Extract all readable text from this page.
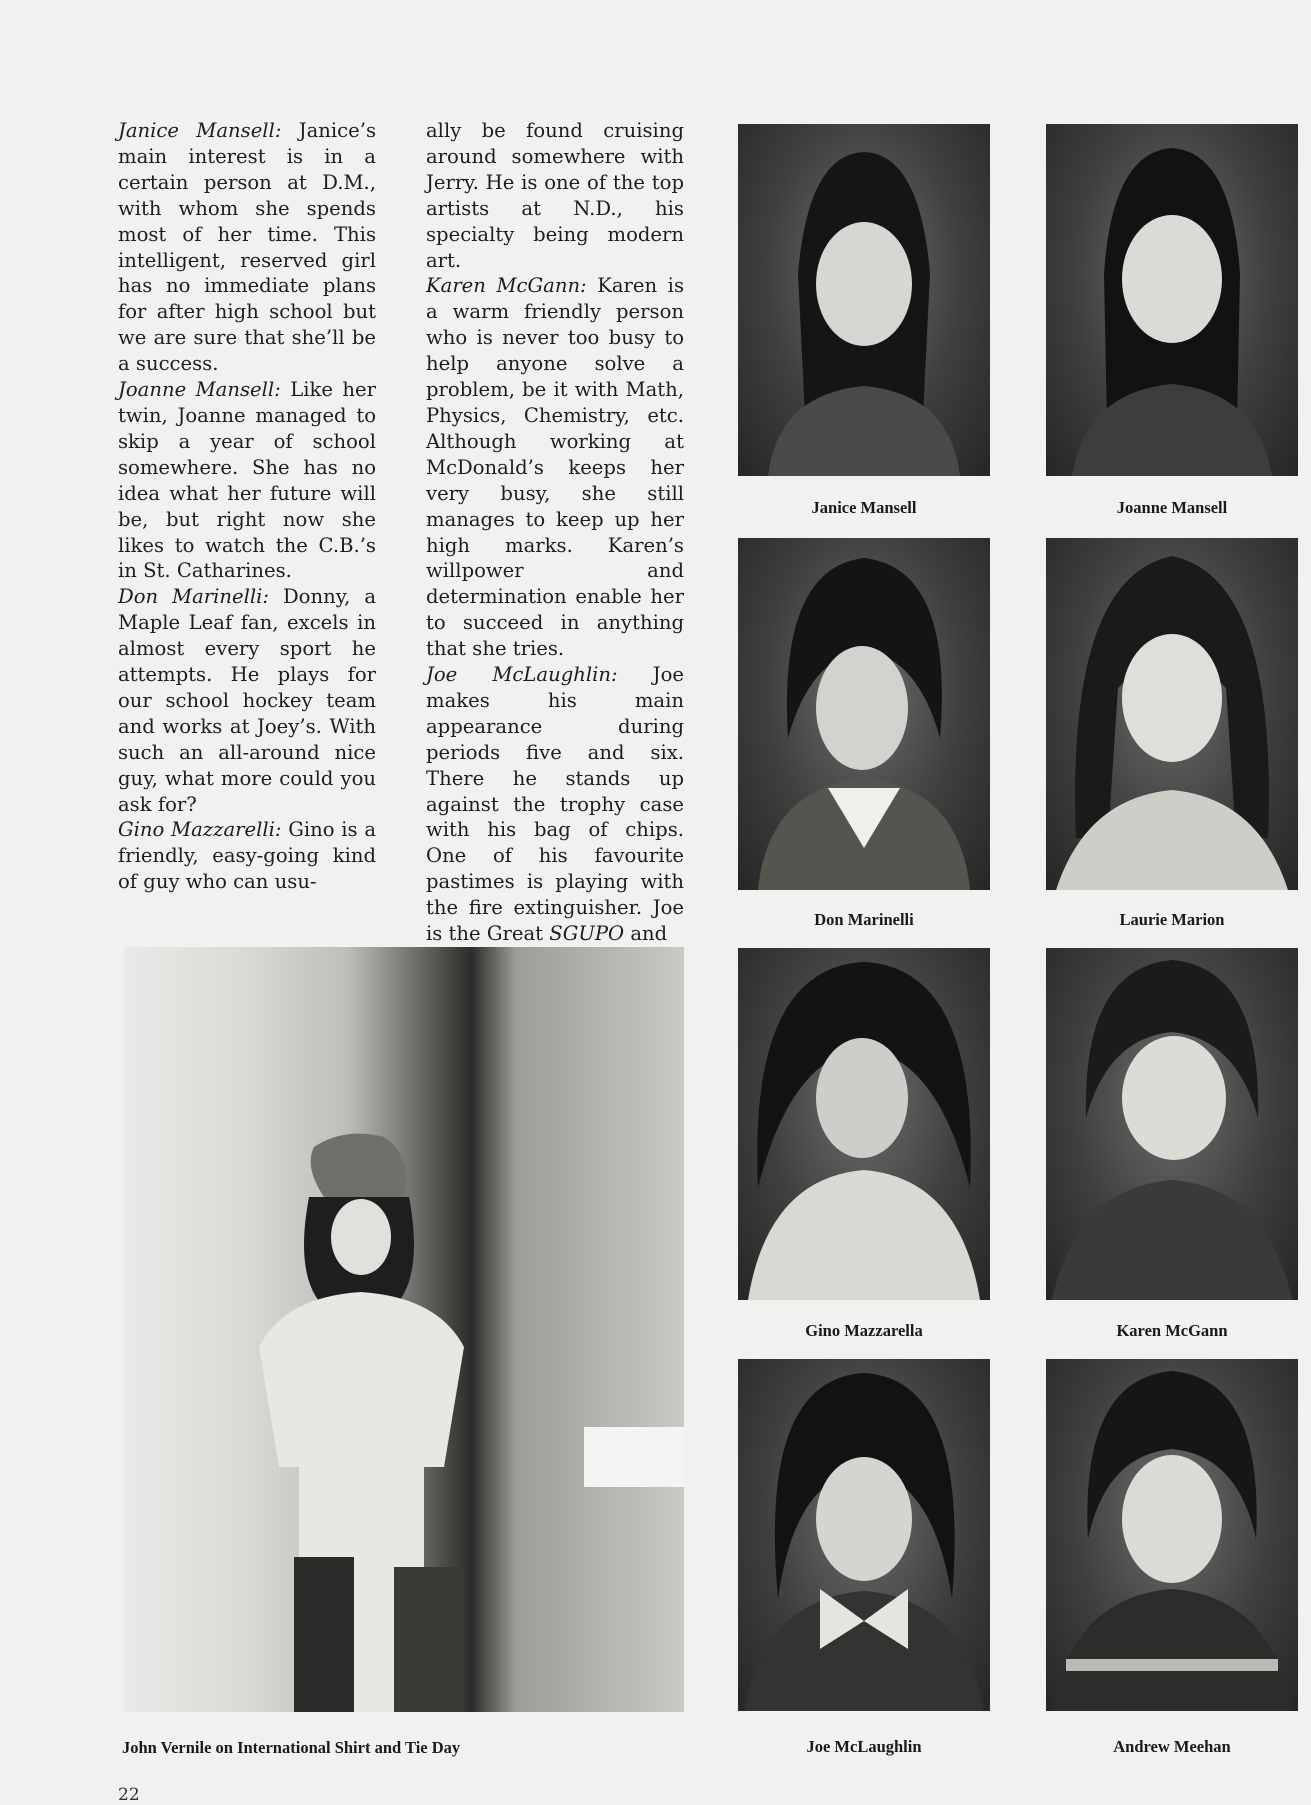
Janice Mansell: Janice’s main interest is in a certain person at D.M., with whom she spends most of her time. This intelligent, reserved girl has no immediate plans for after high school but we are sure that she’ll be a success.

Joanne Mansell: Like her twin, Joanne managed to skip a year of school somewhere. She has no idea what her future will be, but right now she likes to watch the C.B.’s in St. Catharines.

Don Marinelli: Donny, a Maple Leaf fan, excels in almost every sport he attempts. He plays for our school hockey team and works at Joey’s. With such an all-around nice guy, what more could you ask for?

Gino Mazzarelli: Gino is a friendly, easy-going kind of guy who can usu-

ally be found cruising around somewhere with Jerry. He is one of the top artists at N.D., his specialty being modern art.

Karen McGann: Karen is a warm friendly person who is never too busy to help anyone solve a problem, be it with Math, Physics, Chemistry, etc. Although working at McDonald’s keeps her very busy, she still manages to keep up her high marks. Karen’s willpower and determination enable her to succeed in anything that she tries.

Joe McLaughlin: Joe makes his main appearance during periods five and six. There he stands up against the trophy case with his bag of chips. One of his favourite pastimes is playing with the fire extinguisher. Joe is the Great SGUPO and

Janice Mansell	Joanne Mansell
Don Marinelli	Laurie Marion
Gino Mazzarella	Karen McGann
Joe McLaughlin	Andrew Meehan
John Vernile on International Shirt and Tie Day
22
